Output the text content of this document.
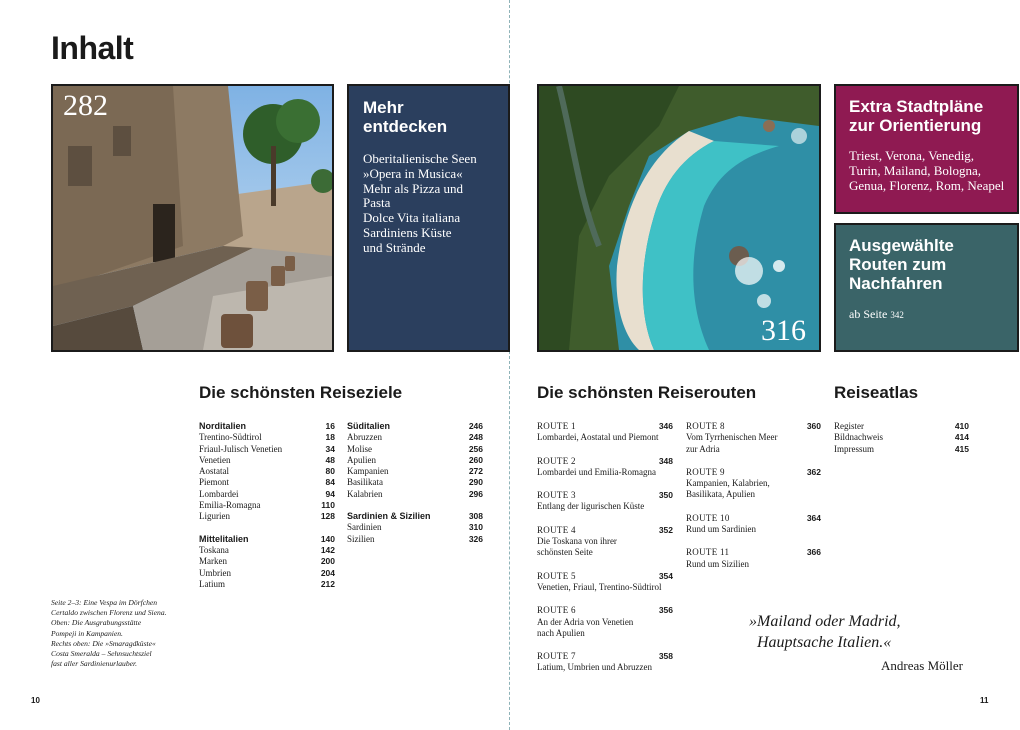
Inhalt
282	Mehr
entdecken
Oberitalienische Seen
»Opera in Musica«
Mehr als Pizza und
Pasta
Dolce Vita italiana
Sardiniens Küste
und Strände
316
Extra Stadtpläne
zur Orientierung
Triest, Verona, Venedig,
Turin, Mailand, Bologna,
Genua, Florenz, Rom, Neapel
Ausgewählte
Routen zum
Nachfahren
ab Seite 342
Die schönsten Reiseziele
Norditalien	16
Trentino-Südtirol	18
Friaul-Julisch Venetien	34
Venetien	48
Aostatal	80
Piemont	84
Lombardei	94
Emilia-Romagna	110
Ligurien	128
Mittelitalien	140
Toskana	142
Marken	200
Umbrien	204
Latium	212
Süditalien	246
Abruzzen	248
Molise	256
Apulien	260
Kampanien	272
Basilikata	290
Kalabrien	296
Sardinien & Sizilien	308
Sardinien	310
Sizilien	326
Die schönsten Reiserouten
ROUTE 1	346
Lombardei, Aostatal und Piemont
ROUTE 2	348
Lombardei und Emilia-Romagna
ROUTE 3	350
Entlang der ligurischen Küste
ROUTE 4	352
Die Toskana von ihrer
schönsten Seite
ROUTE 5	354
Venetien, Friaul, Trentino-Südtirol
ROUTE 6	356
An der Adria von Venetien
nach Apulien
ROUTE 7	358
Latium, Umbrien und Abruzzen
ROUTE 8	360
Vom Tyrrhenischen Meer
zur Adria
ROUTE 9	362
Kampanien, Kalabrien,
Basilikata, Apulien
ROUTE 10	364
Rund um Sardinien
ROUTE 11	366
Rund um Sizilien
Reiseatlas
Register	410
Bildnachweis	414
Impressum	415
»Mailand oder Madrid,
Hauptsache Italien.«
Andreas Möller
Seite 2–3: Eine Vespa im Dörfchen
Certaldo zwischen Florenz und Siena.
Oben: Die Ausgrabungsstätte
Pompeji in Kampanien.
Rechts oben: Die »Smaragdküste«
Costa Smeralda – Sehnsuchtsziel
fast aller Sardinienurlauber.
10	11
